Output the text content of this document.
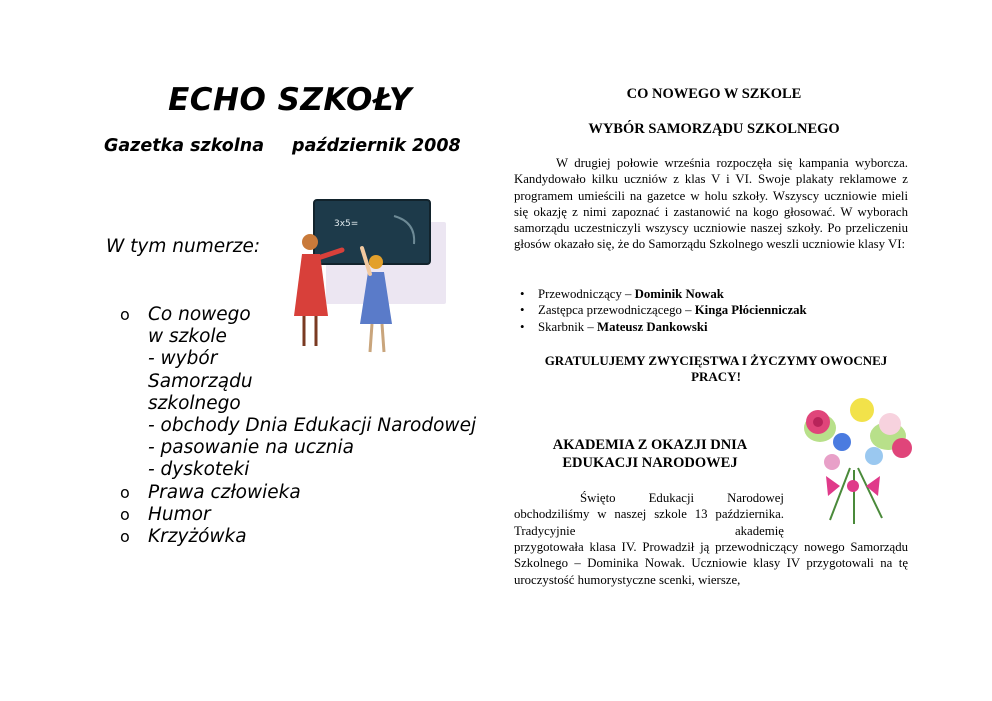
ECHO SZKOŁY
Gazetka szkolna październik 2008
W tym numerze:
o Co nowego
w szkole
- wybór
Samorządu
szkolnego
- obchody Dnia Edukacji Narodowej
- pasowanie na ucznia
- dyskoteki
o Prawa człowieka
o Humor
o Krzyżówka
3x5=
CO NOWEGO W SZKOLE
WYBÓR SAMORZĄDU SZKOLNEGO
W drugiej połowie września rozpoczęła się kampania wyborcza. Kandydowało kilku uczniów z klas V i VI. Swoje plakaty reklamowe z programem umieścili na gazetce w holu szkoły. Wszyscy uczniowie mieli się okazję z nimi zapoznać i zastanowić na kogo głosować. W wyborach samorządu uczestniczyli wszyscy uczniowie naszej szkoły. Po przeliczeniu głosów okazało się, że do Samorządu Szkolnego weszli uczniowie klasy VI:
• Przewodniczący – Dominik Nowak
• Zastępca przewodniczącego – Kinga Płócienniczak
• Skarbnik – Mateusz Dankowski
GRATULUJEMY ZWYCIĘSTWA I ŻYCZYMY OWOCNEJ PRACY!
AKADEMIA Z OKAZJI DNIA EDUKACJI NARODOWEJ
Święto Edukacji Narodowej obchodziliśmy w naszej szkole 13 października. Tradycyjnie akademię
przygotowała klasa IV. Prowadził ją przewodniczący nowego Samorządu Szkolnego – Dominika Nowak. Uczniowie klasy IV przygotowali na tę uroczystość humorystyczne scenki, wiersze,
